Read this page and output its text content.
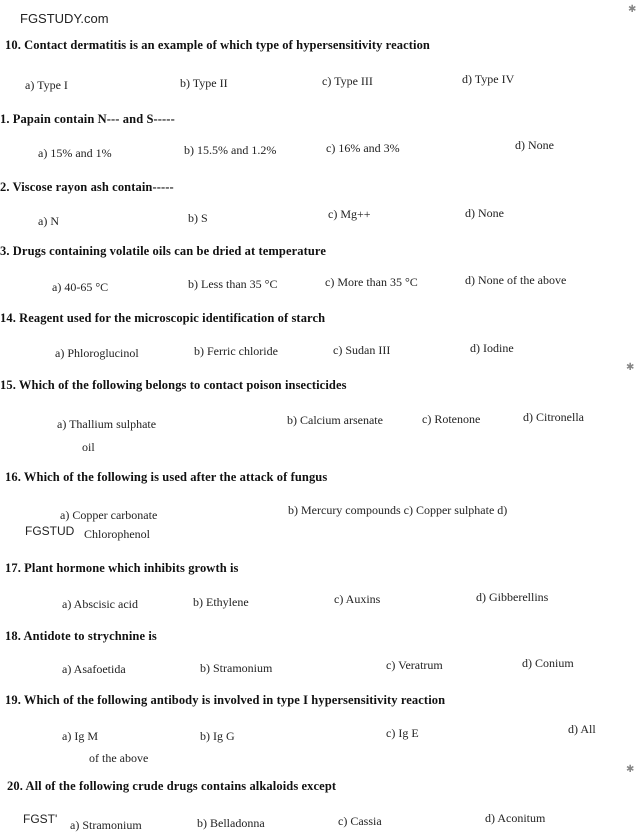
FGSTUDY.com
✱
✱
✱
10. Contact dermatitis is an example of which type of hypersensitivity reaction
a) Type I	b) Type II	c) Type III	d) Type IV
1. Papain contain N--- and S-----
a) 15% and 1%	b) 15.5% and 1.2%	c) 16% and 3%	d) None
2. Viscose rayon ash contain-----
a) N	b) S	c) Mg++	d) None
3. Drugs containing volatile oils can be dried at temperature
a) 40-65 °C	b) Less than 35 °C	c) More than 35 °C	d) None of the above
14. Reagent used for the microscopic identification of starch
a) Phloroglucinol	b) Ferric chloride	c) Sudan III	d) Iodine
15. Which of the following belongs to contact poison insecticides
a) Thallium sulphate	b) Calcium arsenate	c) Rotenone	d) Citronella
oil
16. Which of the following is used after the attack of fungus
a) Copper carbonate	b) Mercury compounds c) Copper sulphate d)
FGSTUD Chlorophenol
17. Plant hormone which inhibits growth is
a) Abscisic acid	b) Ethylene	c) Auxins	d) Gibberellins
18. Antidote to strychnine is
a) Asafoetida	b) Stramonium	c) Veratrum	d) Conium
19. Which of the following antibody is involved in type I hypersensitivity reaction
a) Ig M	b) Ig G	c) Ig E	d) All
of the above
20. All of the following crude drugs contains alkaloids except
FGST' a) Stramonium	b) Belladonna	c) Cassia	d) Aconitum
